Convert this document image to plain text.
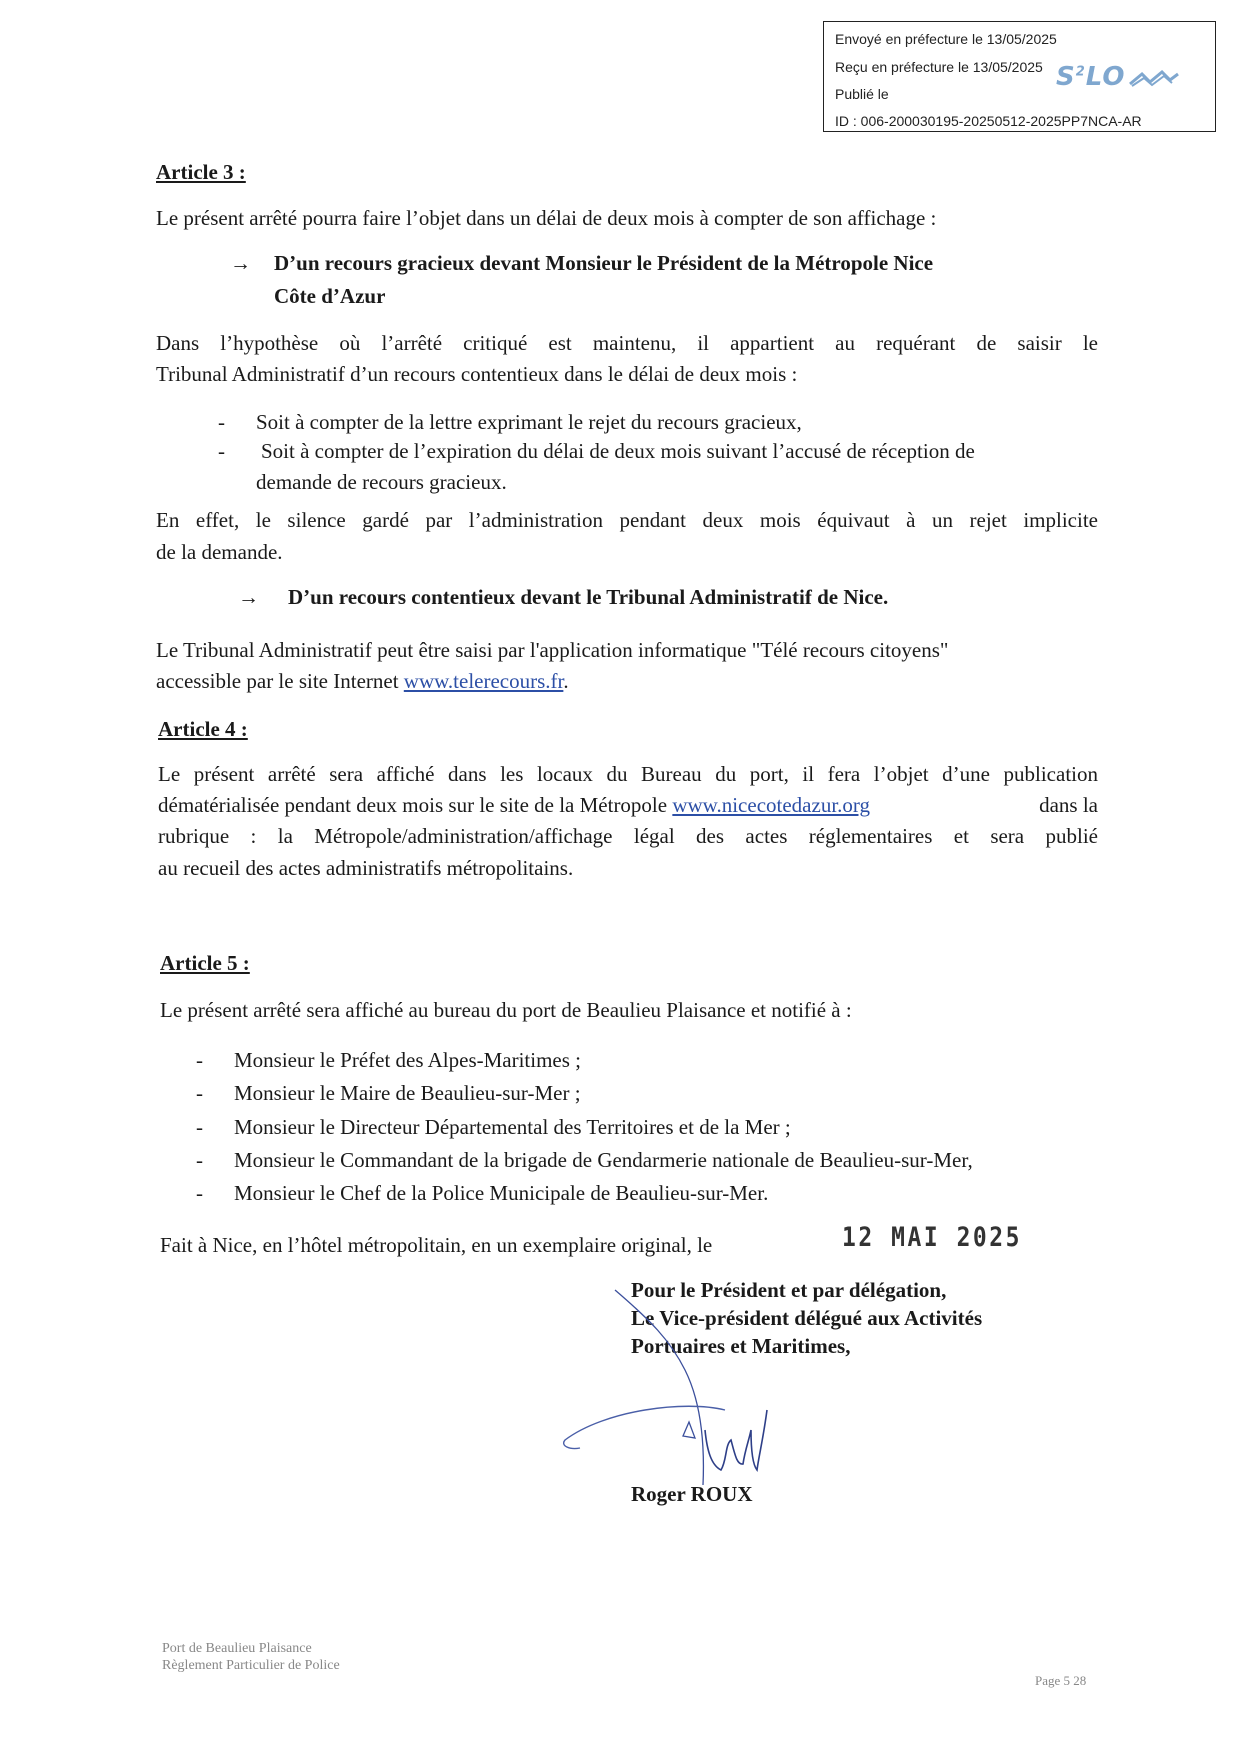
Envoyé en préfecture le 13/05/2025
Reçu en préfecture le 13/05/2025
Publié le
ID : 006-200030195-20250512-2025PP7NCA-AR
$S^2LO$
Article 3 :
Le présent arrêté pourra faire l’objet dans un délai de deux mois à compter de son affichage :
→ D’un recours gracieux devant Monsieur le Président de la Métropole Nice
Côte d’Azur
Dans l’hypothèse où l’arrêté critiqué est maintenu, il appartient au requérant de saisir le
Tribunal Administratif d’un recours contentieux dans le délai de deux mois :
- Soit à compter de la lettre exprimant le rejet du recours gracieux,
- Soit à compter de l’expiration du délai de deux mois suivant l’accusé de réception de
demande de recours gracieux.
En effet, le silence gardé par l’administration pendant deux mois équivaut à un rejet implicite
de la demande.
→ D’un recours contentieux devant le Tribunal Administratif de Nice.
Le Tribunal Administratif peut être saisi par l'application informatique "Télé recours citoyens"
accessible par le site Internet www.telerecours.fr.
Article 4 :
Le présent arrêté sera affiché dans les locaux du Bureau du port, il fera l’objet d’une publication
dématérialisée pendant deux mois sur le site de la Métropole www.nicecotedazur.org	dans la
rubrique : la Métropole/administration/affichage légal des actes réglementaires et sera publié
au recueil des actes administratifs métropolitains.
Article 5 :
Le présent arrêté sera affiché au bureau du port de Beaulieu Plaisance et notifié à :
- Monsieur le Préfet des Alpes-Maritimes ;
- Monsieur le Maire de Beaulieu-sur-Mer ;
- Monsieur le Directeur Départemental des Territoires et de la Mer ;
- Monsieur le Commandant de la brigade de Gendarmerie nationale de Beaulieu-sur-Mer,
- Monsieur le Chef de la Police Municipale de Beaulieu-sur-Mer.
Fait à Nice, en l’hôtel métropolitain, en un exemplaire original, le	12 MAI 2025
Pour le Président et par délégation,
Le Vice-président délégué aux Activités
Portuaires et Maritimes,
Roger ROUX
Port de Beaulieu Plaisance
Règlement Particulier de Police
Page 5 28
